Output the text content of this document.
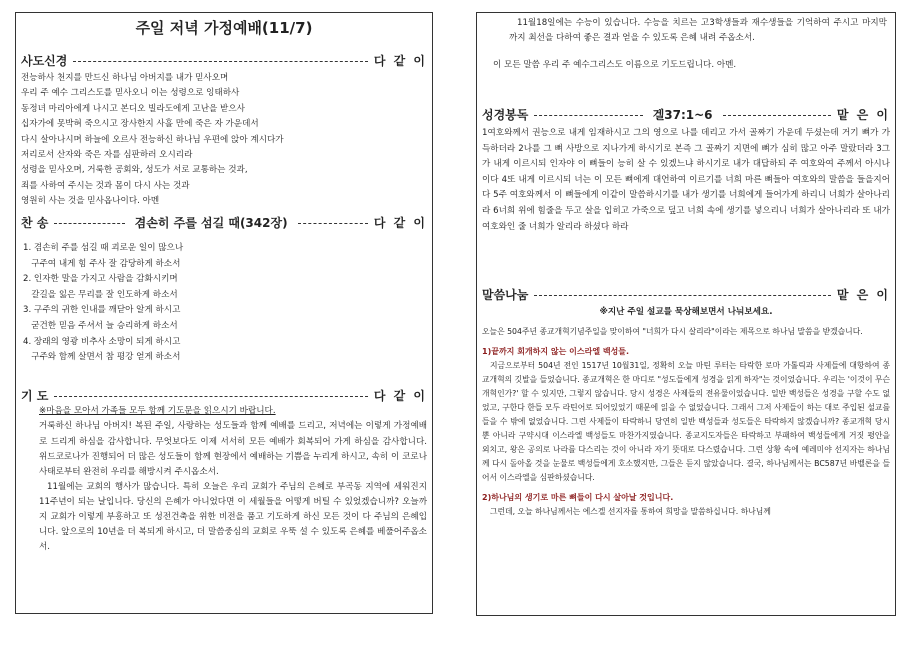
주일 저녁 가정예배(11/7)
사도신경	다 같 이
전능하사 천지를 만드신 하나님 아버지를 내가 믿사오며
우리 주 예수 그리스도를 믿사오니 이는 성령으로 잉태하사
동정녀 마리아에게 나시고 본디오 빌라도에게 고난을 받으사
십자가에 못박혀 죽으시고 장사한지 사흘 만에 죽은 자 가운데서
다시 살아나시며 하늘에 오르사 전능하신 하나님 우편에 앉아 계시다가
저리로서 산자와 죽은 자를 심판하러 오시리라
성령을 믿사오며, 거룩한 공회와, 성도가 서로 교통하는 것과,
죄를 사하여 주시는 것과 몸이 다시 사는 것과
영원히 사는 것을 믿사옵나이다. 아멘
찬 송	겸손히 주를 섬길 때(342장)	다 같 이
1. 겸손히 주를 섬길 때 괴로운 일이 많으나
구주여 내게 힘 주사 잘 감당하게 하소서
2. 인자한 말을 가지고 사람을 감화시키며
갈길을 잃은 무리를 잘 인도하게 하소서
3. 구주의 귀한 인내를 깨닫아 알게 하시고
굳건한 믿음 주셔서 늘 승리하게 하소서
4. 장래의 영광 비추사 소망이 되게 하시고
구주와 함께 살면서 참 평강 얻게 하소서
기 도	다 같 이
※마음을 모아서 가족들 모두 함께 기도문을 읽으시기 바랍니다.
거룩하신 하나님 아버지! 복된 주일, 사랑하는 성도들과 함께 예배를 드리고, 저녁에는 이렇게 가정예배로 드리게 하심을 감사합니다. 무엇보다도 이제 서서히 모든 예배가 회복되어 가게 하심을 감사합니다. 위드코로나가 진행되어 더 많은 성도들이 함께 현장에서 예배하는 기쁨을 누리게 하시고, 속히 이 코로나 사태로부터 완전히 우리를 해방시켜 주시옵소서.
11월에는 교회의 행사가 많습니다. 특히 오늘은 우리 교회가 주님의 은혜로 부곡동 지역에 세워진지 11주년이 되는 날입니다. 당신의 은혜가 아니었다면 이 세월들을 어떻게 버틸 수 있었겠습니까? 오늘까지 교회가 이렇게 부흥하고 또 성전건축을 위한 비전을 품고 기도하게 하신 모든 것이 다 주님의 은혜입니다. 앞으로의 10년을 더 복되게 하시고, 더 말씀중심의 교회로 우뚝 설 수 있도록 은혜를 베풀어주옵소서.
11월18일에는 수능이 있습니다. 수능을 치르는 고3학생들과 재수생들을 기억하여 주시고 마지막까지 최선을 다하여 좋은 결과 얻을 수 있도록 은혜 내려 주옵소서.
이 모든 말씀 우리 주 예수그리스도 이름으로 기도드립니다. 아멘.
성경봉독	겔37:1~6	맡 은 이
1여호와께서 권능으로 내게 임재하시고 그의 영으로 나를 데리고 가서 골짜기 가운데 두셨는데 거기 뼈가 가득하더라 2나를 그 뼈 사방으로 지나가게 하시기로 본즉 그 골짜기 지면에 뼈가 심히 많고 아주 말랐더라 3그가 내게 이르시되 인자야 이 뼈들이 능히 살 수 있겠느냐 하시기로 내가 대답하되 주 여호와여 주께서 아시나이다 4또 내게 이르시되 너는 이 모든 뼈에게 대언하여 이르기를 너희 마른 뼈들아 여호와의 말씀을 들을지어다 5주 여호와께서 이 뼈들에게 이같이 말씀하시기를 내가 생기를 너희에게 들어가게 하리니 너희가 살아나리라 6너희 위에 힘줄을 두고 살을 입히고 가죽으로 덮고 너희 속에 생기를 넣으리니 너희가 살아나리라 또 내가 여호와인 줄 너희가 알리라 하셨다 하라
말씀나눔	맡 은 이
※지난 주일 설교를 묵상해보면서 나눠보세요.
오늘은 504주년 종교개혁기념주일을 맞이하여 "너희가 다시 살리라"이라는 제목으로 하나님 말씀을 받겠습니다.
1)끝까지 회개하지 않는 이스라엘 백성들.
지금으로부터 504년 전인 1517년 10월31일, 정확히 오늘 마틴 루터는 타락한 로마 가톨릭과 사제들에 대항하여 종교개혁의 깃발을 들었습니다. 종교개혁은 한 마디로 "성도들에게 성경을 읽게 하자"는 것이었습니다. 우리는 '이것이 무슨 개혁인가?' 할 수 있지만, 그렇지 않습니다. 당시 성경은 사제들의 전유물이었습니다. 일반 백성들은 성경을 구할 수도 없었고, 구한다 한들 모두 라틴어로 되어있었기 때문에 읽을 수 없었습니다. 그래서 그저 사제들이 하는 대로 주입된 설교를 들을 수 밖에 없었습니다. 그런 사제들이 타락하니 당연히 일반 백성들과 성도들은 타락하지 않겠습니까? 종교개혁 당시 뿐 아니라 구약시대 이스라엘 백성들도 마찬가지였습니다. 종교지도자들은 타락하고 부패하여 백성들에게 거짓 평안을 외치고, 왕은 공의로 나라를 다스리는 것이 아니라 자기 뜻대로 다스렸습니다. 그런 상황 속에 예레미야 선지자는 하나님께 다시 돌아올 것을 눈물로 백성들에게 호소했지만, 그들은 듣지 않았습니다. 결국, 하나님께서는 BC587년 바벨론을 들어서 이스라엘을 심판하셨습니다.
2)하나님의 생기로 마른 뼈들이 다시 살아날 것입니다.
그런데, 오늘 하나님께서는 에스겔 선지자를 통하여 희망을 말씀하십니다. 하나님께
